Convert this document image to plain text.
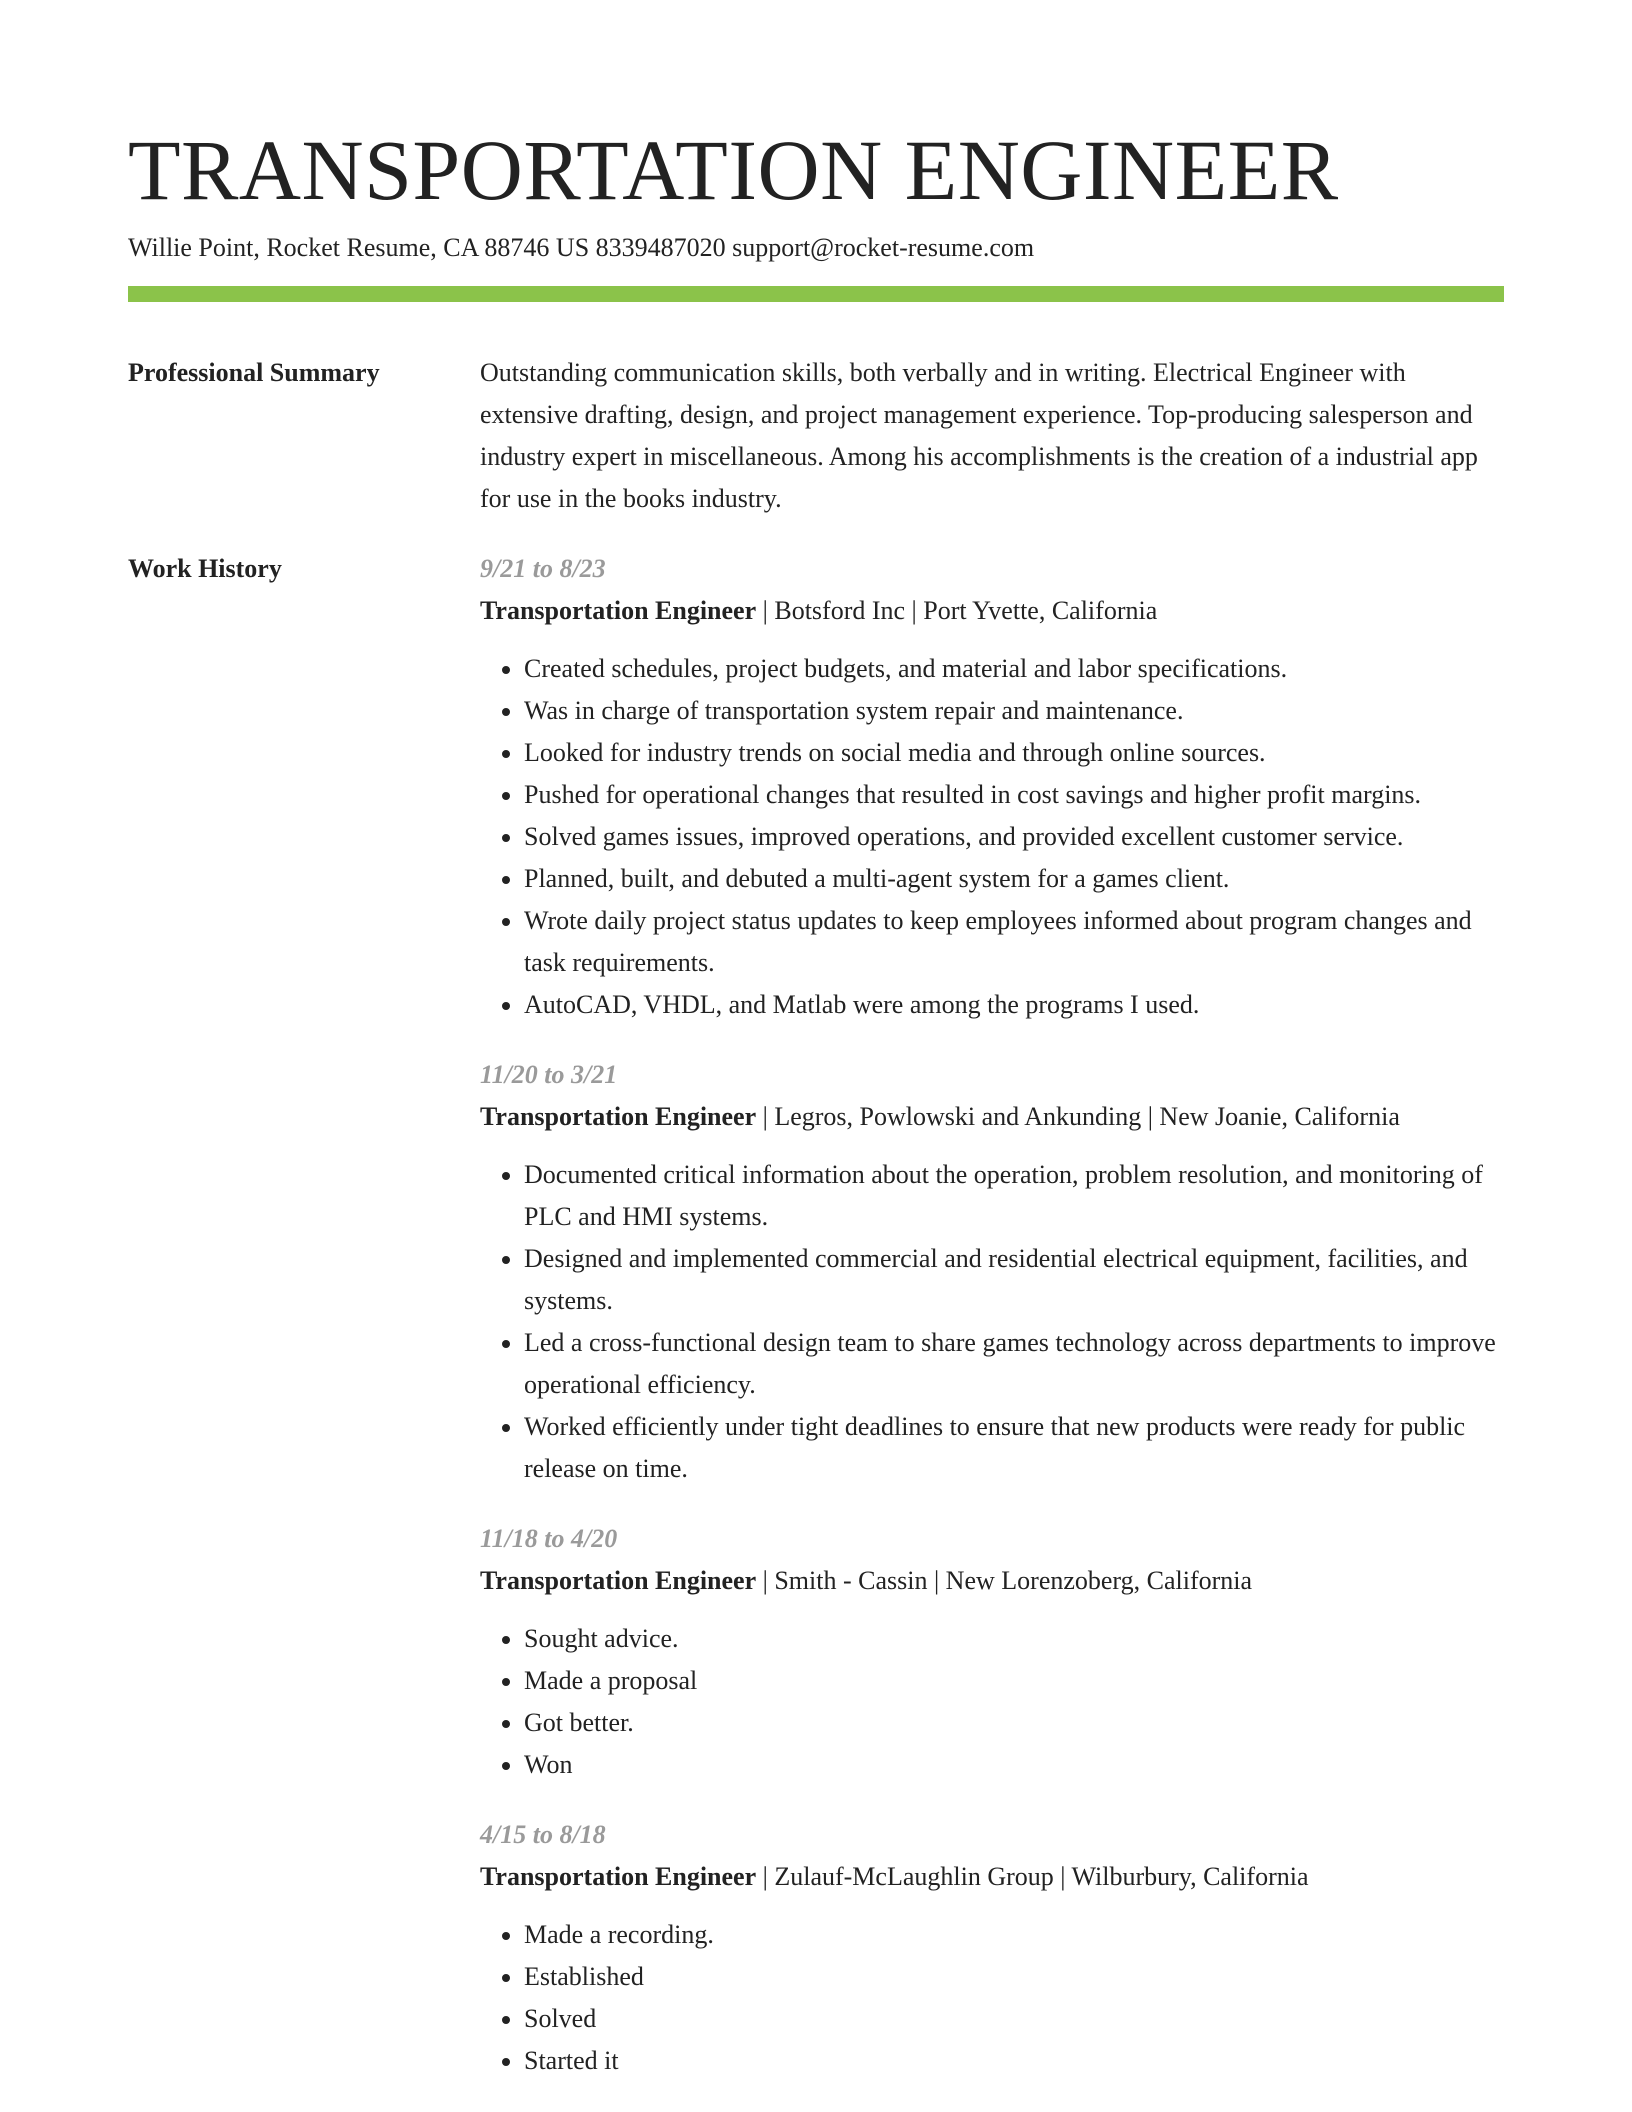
TRANSPORTATION ENGINEER
Willie Point, Rocket Resume, CA 88746 US 8339487020 support@rocket-resume.com
Professional Summary	Outstanding communication skills, both verbally and in writing. Electrical Engineer with extensive drafting, design, and project management experience. Top-producing salesperson and industry expert in miscellaneous. Among his accomplishments is the creation of a industrial app for use in the books industry.
Work History	9/21 to 8/23
Transportation Engineer | Botsford Inc | Port Yvette, California
• Created schedules, project budgets, and material and labor specifications.
• Was in charge of transportation system repair and maintenance.
• Looked for industry trends on social media and through online sources.
• Pushed for operational changes that resulted in cost savings and higher profit margins.
• Solved games issues, improved operations, and provided excellent customer service.
• Planned, built, and debuted a multi-agent system for a games client.
• Wrote daily project status updates to keep employees informed about program changes and task requirements.
• AutoCAD, VHDL, and Matlab were among the programs I used.
11/20 to 3/21
Transportation Engineer | Legros, Powlowski and Ankunding | New Joanie, California
• Documented critical information about the operation, problem resolution, and monitoring of PLC and HMI systems.
• Designed and implemented commercial and residential electrical equipment, facilities, and systems.
• Led a cross-functional design team to share games technology across departments to improve operational efficiency.
• Worked efficiently under tight deadlines to ensure that new products were ready for public release on time.
11/18 to 4/20
Transportation Engineer | Smith - Cassin | New Lorenzoberg, California
• Sought advice.
• Made a proposal
• Got better.
• Won
4/15 to 8/18
Transportation Engineer | Zulauf-McLaughlin Group | Wilburbury, California
• Made a recording.
• Established
• Solved
• Started it
